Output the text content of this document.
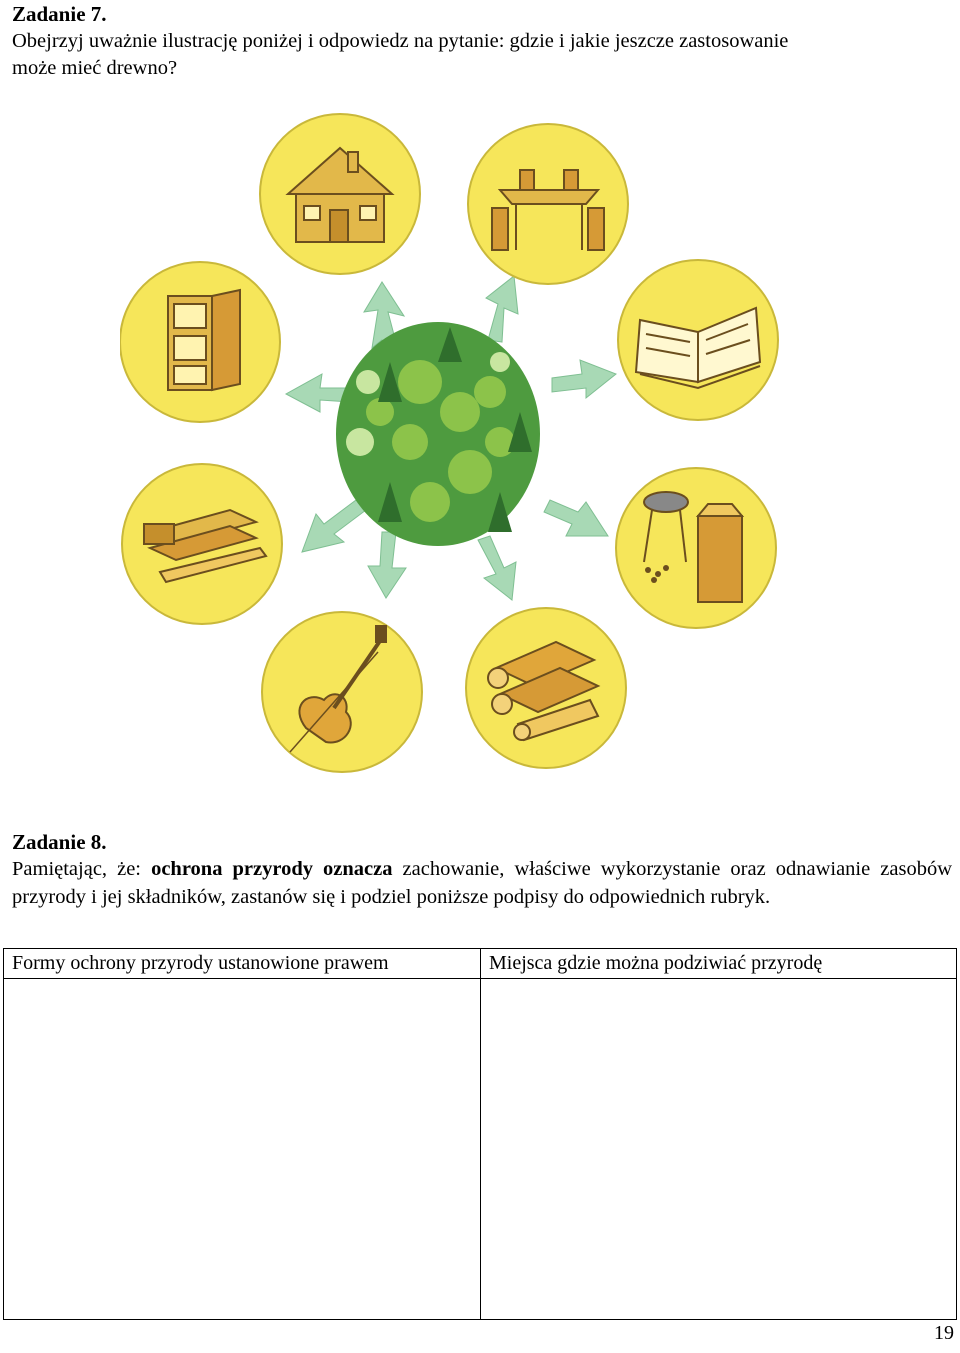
Zadanie 7.
Obejrzyj uważnie ilustrację poniżej i odpowiedz na pytanie: gdzie i jakie jeszcze zastosowanie
może mieć drewno?
Zadanie 8.
Pamiętając, że: ochrona przyrody oznacza zachowanie, właściwe wykorzystanie oraz odnawianie zasobów przyrody i jej składników, zastanów się i podziel poniższe podpisy do odpowiednich rubryk.
Formy ochrony przyrody ustanowione prawem	Miejsca gdzie można podziwiać przyrodę

19
